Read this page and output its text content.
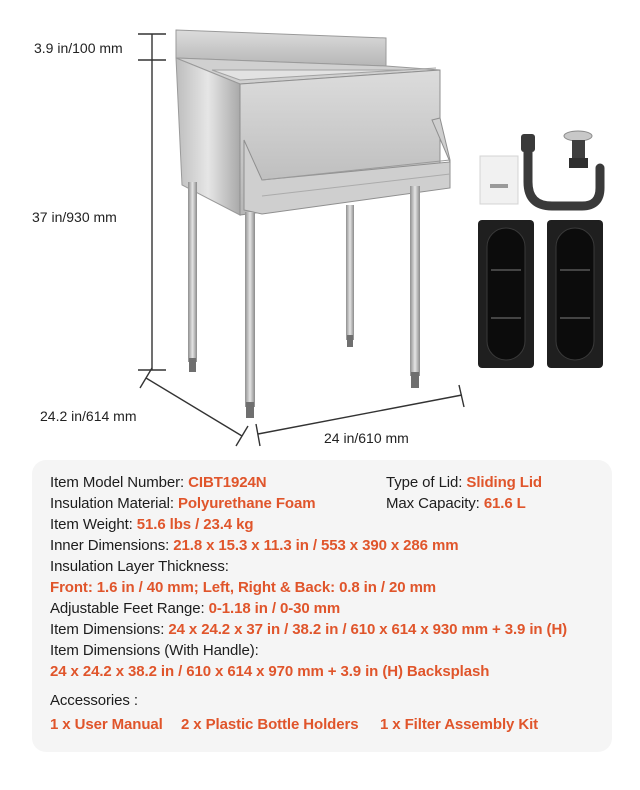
3.9 in/100 mm
37 in/930 mm
24.2 in/614 mm
24 in/610 mm
Item Model Number: CIBT1924N	Type of Lid: Sliding Lid
Insulation Material: Polyurethane Foam	Max Capacity: 61.6 L
Item Weight: 51.6 lbs / 23.4 kg
Inner Dimensions: 21.8 x 15.3 x 11.3 in / 553 x 390 x 286 mm
Insulation Layer Thickness:
Front: 1.6 in / 40 mm; Left, Right & Back: 0.8 in / 20 mm
Adjustable Feet Range: 0-1.18 in / 0-30 mm
Item Dimensions: 24 x 24.2 x 37 in / 38.2 in / 610 x 614 x 930 mm + 3.9 in (H)
Item Dimensions (With Handle):
24 x 24.2 x 38.2 in / 610 x 614 x 970 mm + 3.9 in (H) Backsplash
Accessories :
1 x User Manual 2 x Plastic Bottle Holders 1 x Filter Assembly Kit
